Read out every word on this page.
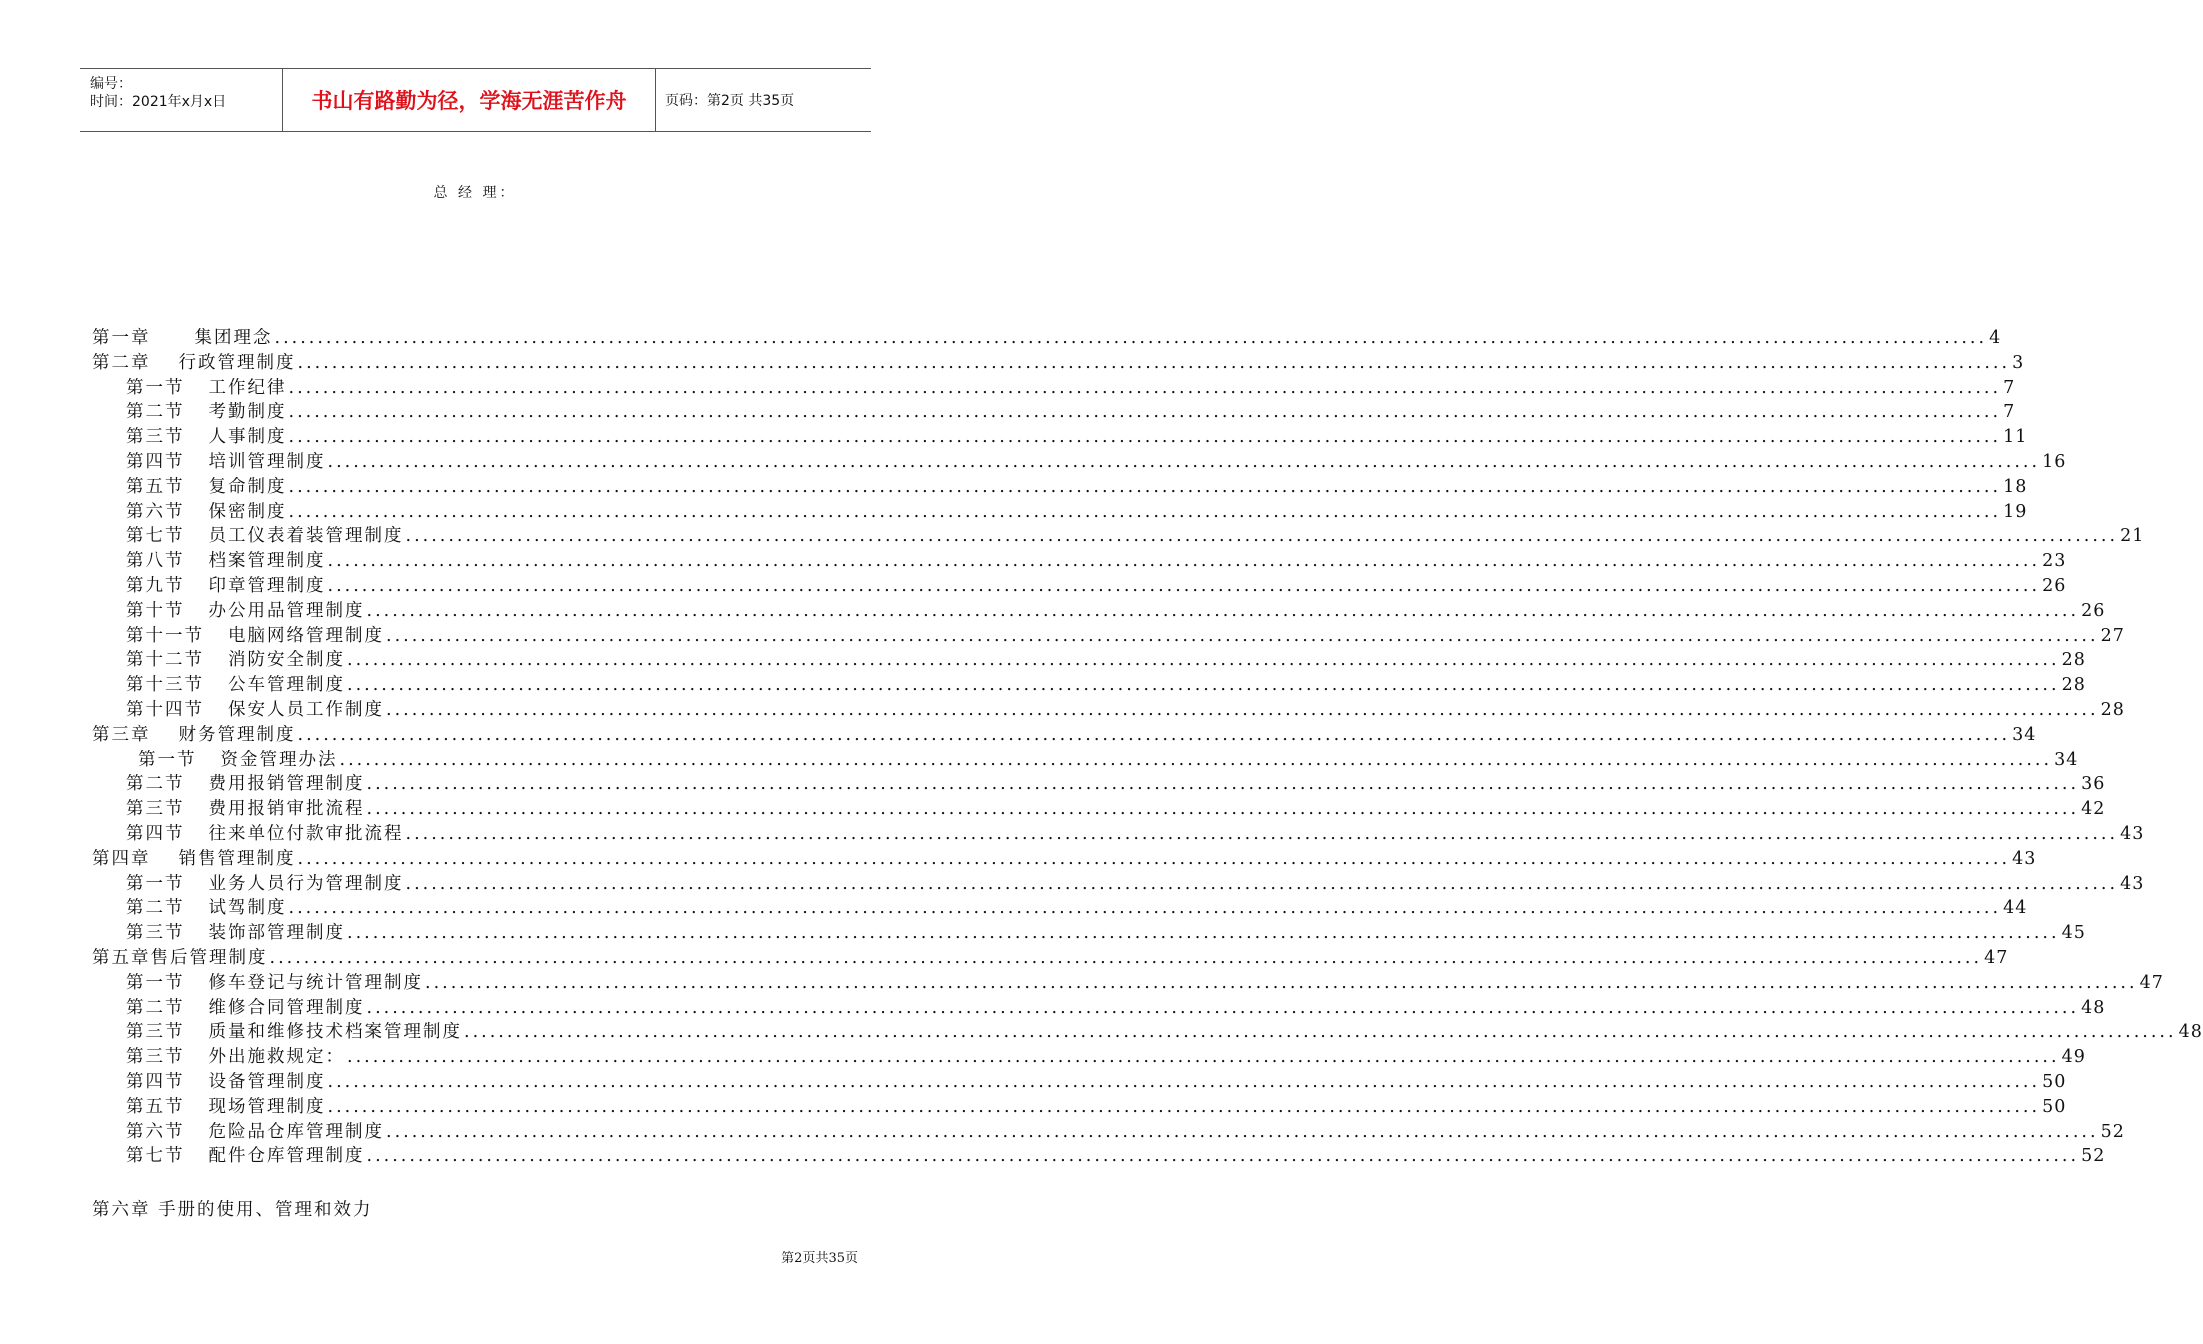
编号：
时间：2021年x月x日	书山有路勤为径，学海无涯苦作舟	页码：第2页 共35页
总 经 理：
第一章	集团理念 ........................................................................................................................................................................................................ 4
第二章 行政管理制度 ........................................................................................................................................................................................................ 3
第一节 工作纪律 ........................................................................................................................................................................................................ 7
第二节 考勤制度 ........................................................................................................................................................................................................ 7
第三节 人事制度 ........................................................................................................................................................................................................ 11
第四节 培训管理制度 ........................................................................................................................................................................................................ 16
第五节 复命制度 ........................................................................................................................................................................................................ 18
第六节 保密制度 ........................................................................................................................................................................................................ 19
第七节 员工仪表着装管理制度 ........................................................................................................................................................................................................ 21
第八节 档案管理制度 ........................................................................................................................................................................................................ 23
第九节 印章管理制度 ........................................................................................................................................................................................................ 26
第十节 办公用品管理制度 ........................................................................................................................................................................................................ 26
第十一节 电脑网络管理制度 ........................................................................................................................................................................................................ 27
第十二节 消防安全制度 ........................................................................................................................................................................................................ 28
第十三节 公车管理制度 ........................................................................................................................................................................................................ 28
第十四节 保安人员工作制度 ........................................................................................................................................................................................................ 28
第三章 财务管理制度 ........................................................................................................................................................................................................ 34
第一节 资金管理办法 ........................................................................................................................................................................................................ 34
第二节 费用报销管理制度 ........................................................................................................................................................................................................ 36
第三节 费用报销审批流程 ........................................................................................................................................................................................................ 42
第四节 往来单位付款审批流程 ........................................................................................................................................................................................................ 43
第四章 销售管理制度 ........................................................................................................................................................................................................ 43
第一节 业务人员行为管理制度 ........................................................................................................................................................................................................ 43
第二节 试驾制度 ........................................................................................................................................................................................................ 44
第三节 装饰部管理制度 ........................................................................................................................................................................................................ 45
第五章售后管理制度 ........................................................................................................................................................................................................ 47
第一节 修车登记与统计管理制度 ........................................................................................................................................................................................................ 47
第二节 维修合同管理制度 ........................................................................................................................................................................................................ 48
第三节 质量和维修技术档案管理制度 ........................................................................................................................................................................................................ 48
第三节 外出施救规定： ........................................................................................................................................................................................................ 49
第四节 设备管理制度 ........................................................................................................................................................................................................ 50
第五节 现场管理制度 ........................................................................................................................................................................................................ 50
第六节 危险品仓库管理制度 ........................................................................................................................................................................................................ 52
第七节 配件仓库管理制度 ........................................................................................................................................................................................................ 52
第六章 手册的使用、管理和效力
第2页共35页
